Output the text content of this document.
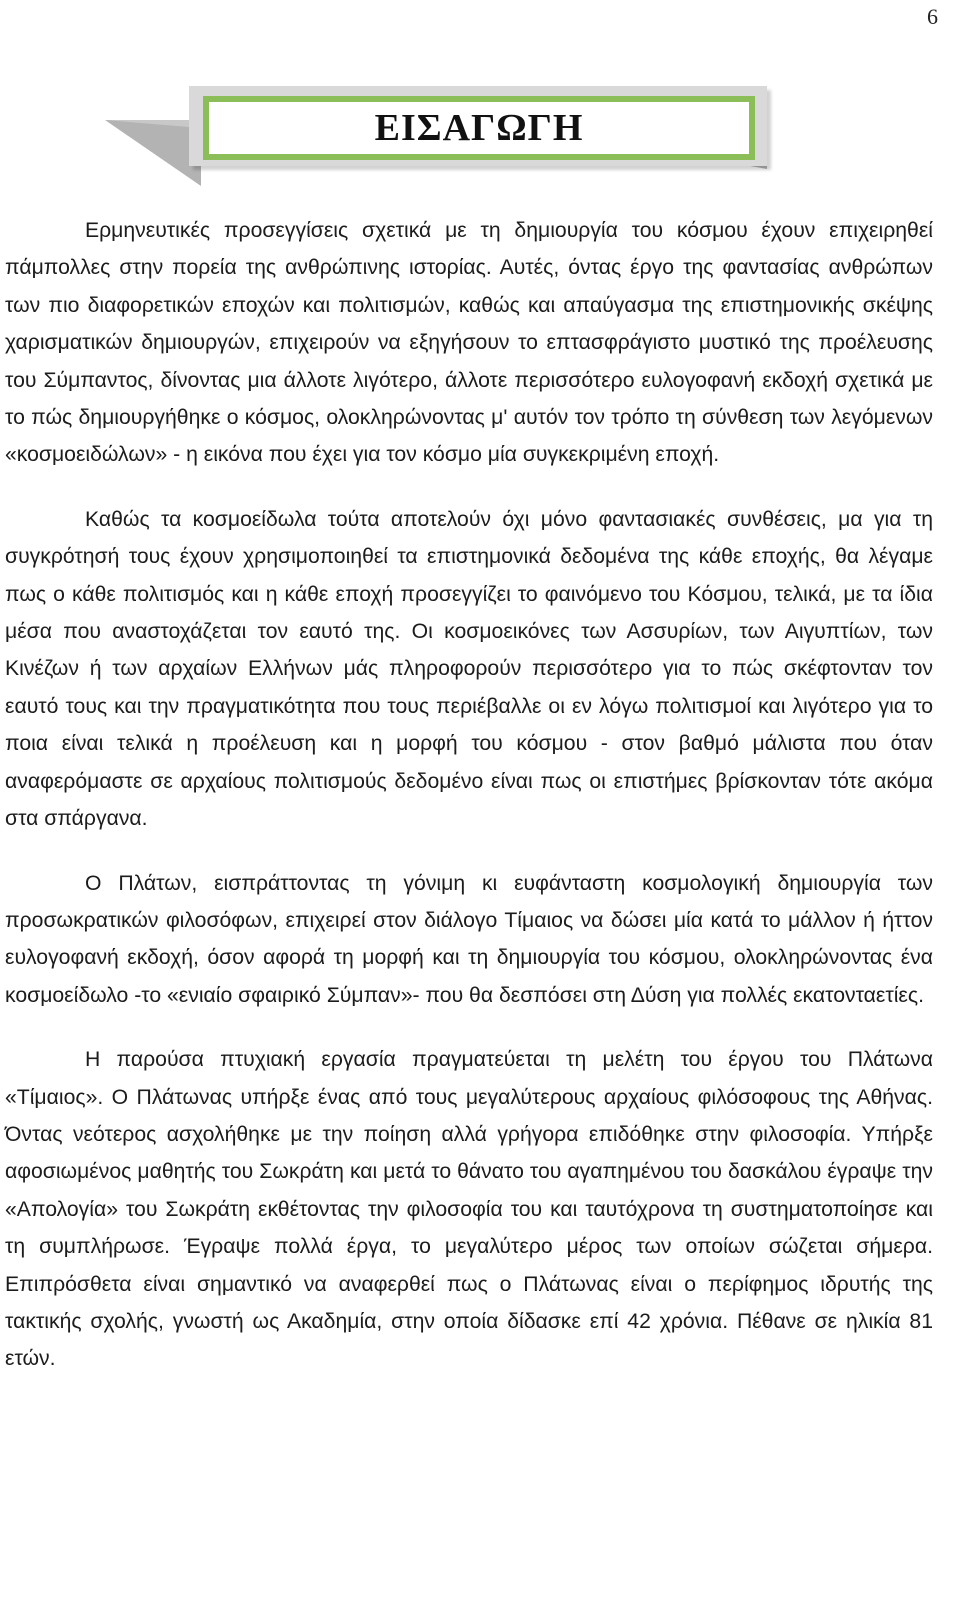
6
ΕΙΣΑΓΩΓΗ

Ερμηνευτικές προσεγγίσεις σχετικά με τη δημιουργία του κόσμου έχουν επιχειρηθεί πάμπολλες στην πορεία της ανθρώπινης ιστορίας. Αυτές, όντας έργο της φαντασίας ανθρώπων των πιο διαφορετικών εποχών και πολιτισμών, καθώς και απαύγασμα της επιστημονικής σκέψης χαρισματικών δημιουργών, επιχειρούν να εξηγήσουν το επτασφράγιστο μυστικό της προέλευσης του Σύμπαντος, δίνοντας μια άλλοτε λιγότερο, άλλοτε περισσότερο ευλογοφανή εκδοχή σχετικά με το πώς δημιουργήθηκε ο κόσμος, ολοκληρώνοντας μ' αυτόν τον τρόπο τη σύνθεση των λεγόμενων «κοσμοειδώλων» - η εικόνα που έχει για τον κόσμο μία συγκεκριμένη εποχή.

Καθώς τα κοσμοείδωλα τούτα αποτελούν όχι μόνο φαντασιακές συνθέσεις, μα για τη συγκρότησή τους έχουν χρησιμοποιηθεί τα επιστημονικά δεδομένα της κάθε εποχής, θα λέγαμε πως ο κάθε πολιτισμός και η κάθε εποχή προσεγγίζει το φαινόμενο του Κόσμου, τελικά, με τα ίδια μέσα που αναστοχάζεται τον εαυτό της. Οι κοσμοεικόνες των Ασσυρίων, των Αιγυπτίων, των Κινέζων ή των αρχαίων Ελλήνων μάς πληροφορούν περισσότερο για το πώς σκέφτονταν τον εαυτό τους και την πραγματικότητα που τους περιέβαλλε οι εν λόγω πολιτισμοί και λιγότερο για το ποια είναι τελικά η προέλευση και η μορφή του κόσμου - στον βαθμό μάλιστα που όταν αναφερόμαστε σε αρχαίους πολιτισμούς δεδομένο είναι πως οι επιστήμες βρίσκονταν τότε ακόμα στα σπάργανα.

Ο Πλάτων, εισπράττοντας τη γόνιμη κι ευφάνταστη κοσμολογική δημιουργία των προσωκρατικών φιλοσόφων, επιχειρεί στον διάλογο Τίμαιος να δώσει μία κατά το μάλλον ή ήττον ευλογοφανή εκδοχή, όσον αφορά τη μορφή και τη δημιουργία του κόσμου, ολοκληρώνοντας ένα κοσμοείδωλο -το «ενιαίο σφαιρικό Σύμπαν»- που θα δεσπόσει στη Δύση για πολλές εκατονταετίες.

Η παρούσα πτυχιακή εργασία πραγματεύεται τη μελέτη του έργου του Πλάτωνα «Τίμαιος». Ο Πλάτωνας υπήρξε ένας από τους μεγαλύτερους αρχαίους φιλόσοφους της Αθήνας. Όντας νεότερος ασχολήθηκε με την ποίηση αλλά γρήγορα επιδόθηκε στην φιλοσοφία. Υπήρξε αφοσιωμένος μαθητής του Σωκράτη και μετά το θάνατο του αγαπημένου του δασκάλου έγραψε την «Απολογία» του Σωκράτη εκθέτοντας την φιλοσοφία του και ταυτόχρονα τη συστηματοποίησε και τη συμπλήρωσε. Έγραψε πολλά έργα, το μεγαλύτερο μέρος των οποίων σώζεται σήμερα. Επιπρόσθετα είναι σημαντικό να αναφερθεί πως ο Πλάτωνας είναι ο περίφημος ιδρυτής της τακτικής σχολής, γνωστή ως Ακαδημία, στην οποία δίδασκε επί 42 χρόνια. Πέθανε σε ηλικία 81 ετών.
